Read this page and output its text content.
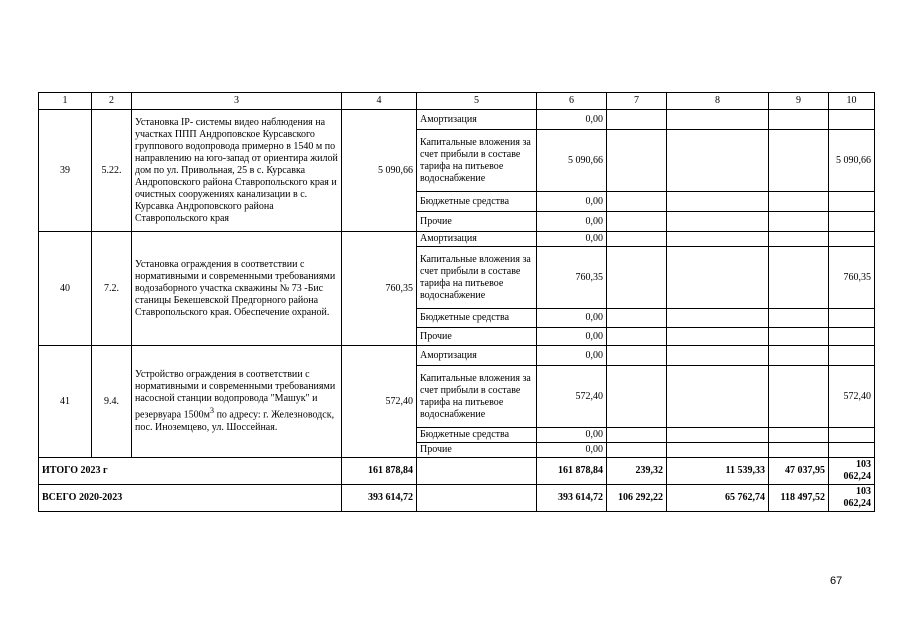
1	2	3	4	5	6	7	8	9	10
39	5.22.	Установка IP- системы видео наблюдения на участках ППП Андроповское Курсавского группового водопровода примерно в 1540 м по направлению на юго-запад от ориентира жилой дом по ул. Привольная, 25 в с. Курсавка Андроповского района Ставропольского края и очистных сооружениях канализации в с. Курсавка Андроповского района Ставропольского края	5 090,66	Амортизация	0,00				
				Капитальные вложения за счет прибыли в составе тарифа на питьевое водоснабжение	5 090,66				5 090,66
				Бюджетные средства	0,00				
				Прочие	0,00				
40	7.2.	Установка ограждения в соответствии с нормативными и современными требованиями водозаборного участка скважины № 73 -Бис станицы Бекешевской Предгорного района Ставропольского края. Обеспечение охраной.	760,35	Амортизация	0,00				
				Капитальные вложения за счет прибыли в составе тарифа на питьевое водоснабжение	760,35				760,35
				Бюджетные средства	0,00				
				Прочие	0,00				
41	9.4.	Устройство ограждения в соответствии с нормативными и современными требованиями насосной станции водопровода "Машук" и резервуара $1500м^3$ по адресу: г. Железноводск, пос. Иноземцево, ул. Шоссейная.	572,40	Амортизация	0,00				
				Капитальные вложения за счет прибыли в составе тарифа на питьевое водоснабжение	572,40				572,40
				Бюджетные средства	0,00				
				Прочие	0,00				
ИТОГО 2023 г			161 878,84		161 878,84	239,32	11 539,33	47 037,95	103 062,24
ВСЕГО 2020-2023			393 614,72		393 614,72	106 292,22	65 762,74	118 497,52	103 062,24
67
